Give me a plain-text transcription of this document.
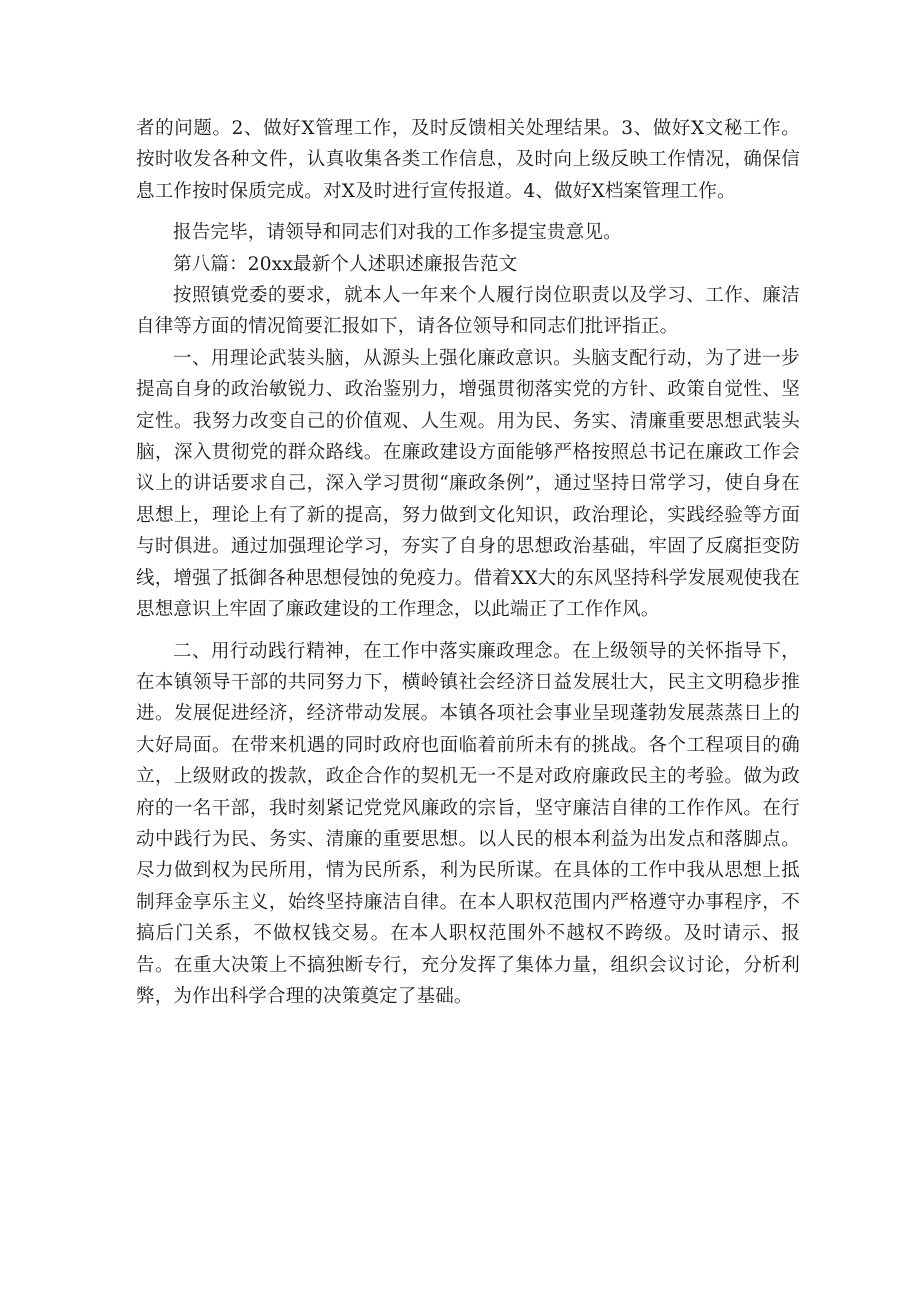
者的问题。2、做好X管理工作，及时反馈相关处理结果。3、做好X文秘工作。按时收发各种文件，认真收集各类工作信息，及时向上级反映工作情况，确保信息工作按时保质完成。对X及时进行宣传报道。4、做好X档案管理工作。

报告完毕，请领导和同志们对我的工作多提宝贵意见。

第八篇：20xx最新个人述职述廉报告范文

按照镇党委的要求，就本人一年来个人履行岗位职责以及学习、工作、廉洁自律等方面的情况简要汇报如下，请各位领导和同志们批评指正。

一、用理论武装头脑，从源头上强化廉政意识。头脑支配行动，为了进一步提高自身的政治敏锐力、政治鉴别力，增强贯彻落实党的方针、政策自觉性、坚定性。我努力改变自己的价值观、人生观。用为民、务实、清廉重要思想武装头脑，深入贯彻党的群众路线。在廉政建设方面能够严格按照总书记在廉政工作会议上的讲话要求自己，深入学习贯彻“廉政条例”，通过坚持日常学习，使自身在思想上，理论上有了新的提高，努力做到文化知识，政治理论，实践经验等方面与时俱进。通过加强理论学习，夯实了自身的思想政治基础，牢固了反腐拒变防线，增强了抵御各种思想侵蚀的免疫力。借着XX大的东风坚持科学发展观使我在思想意识上牢固了廉政建设的工作理念，以此端正了工作作风。

二、用行动践行精神，在工作中落实廉政理念。在上级领导的关怀指导下，在本镇领导干部的共同努力下，横岭镇社会经济日益发展壮大，民主文明稳步推进。发展促进经济，经济带动发展。本镇各项社会事业呈现蓬勃发展蒸蒸日上的大好局面。在带来机遇的同时政府也面临着前所未有的挑战。各个工程项目的确立，上级财政的拨款，政企合作的契机无一不是对政府廉政民主的考验。做为政府的一名干部，我时刻紧记党党风廉政的宗旨，坚守廉洁自律的工作作风。在行动中践行为民、务实、清廉的重要思想。以人民的根本利益为出发点和落脚点。尽力做到权为民所用，情为民所系，利为民所谋。在具体的工作中我从思想上抵制拜金享乐主义，始终坚持廉洁自律。在本人职权范围内严格遵守办事程序，不搞后门关系，不做权钱交易。在本人职权范围外不越权不跨级。及时请示、报告。在重大决策上不搞独断专行，充分发挥了集体力量，组织会议讨论，分析利弊，为作出科学合理的决策奠定了基础。
